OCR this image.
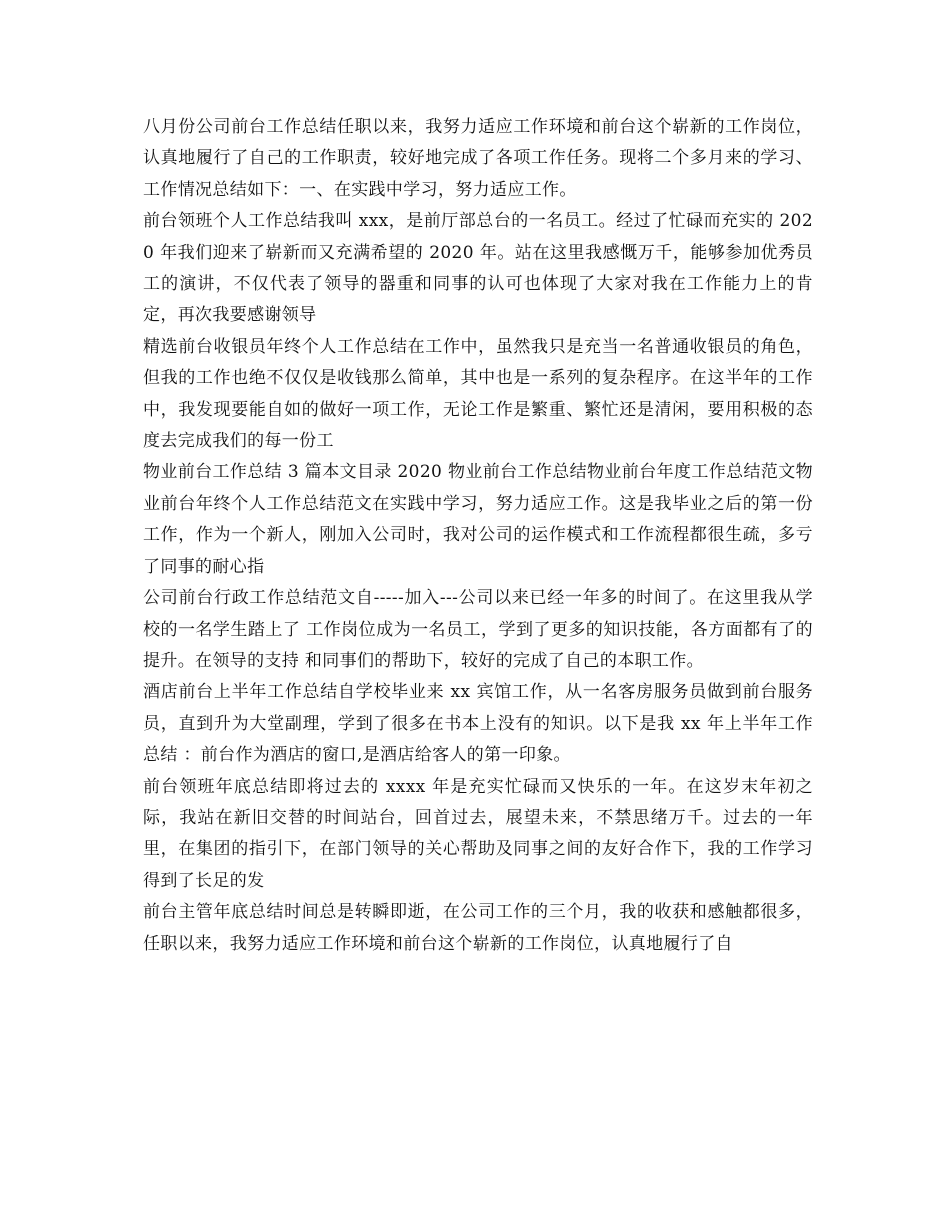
八月份公司前台工作总结任职以来，我努力适应工作环境和前台这个崭新的工作岗位，认真地履行了自己的工作职责，较好地完成了各项工作任务。现将二个多月来的学习、工作情况总结如下：一、在实践中学习，努力适应工作。

前台领班个人工作总结我叫 xxx，是前厅部总台的一名员工。经过了忙碌而充实的 2020 年我们迎来了崭新而又充满希望的 2020 年。站在这里我感慨万千，能够参加优秀员工的演讲，不仅代表了领导的器重和同事的认可也体现了大家对我在工作能力上的肯定，再次我要感谢领导

精选前台收银员年终个人工作总结在工作中，虽然我只是充当一名普通收银员的角色，但我的工作也绝不仅仅是收钱那么简单，其中也是一系列的复杂程序。在这半年的工作中，我发现要能自如的做好一项工作，无论工作是繁重、繁忙还是清闲，要用积极的态度去完成我们的每一份工

物业前台工作总结 3 篇本文目录 2020 物业前台工作总结物业前台年度工作总结范文物业前台年终个人工作总结范文在实践中学习，努力适应工作。这是我毕业之后的第一份工作，作为一个新人，刚加入公司时，我对公司的运作模式和工作流程都很生疏，多亏了同事的耐心指

公司前台行政工作总结范文自-----加入---公司以来已经一年多的时间了。在这里我从学校的一名学生踏上了 工作岗位成为一名员工，学到了更多的知识技能，各方面都有了的提升。在领导的支持 和同事们的帮助下，较好的完成了自己的本职工作。

酒店前台上半年工作总结自学校毕业来 xx 宾馆工作，从一名客房服务员做到前台服务员，直到升为大堂副理，学到了很多在书本上没有的知识。以下是我 xx 年上半年工作总结 ：前台作为酒店的窗口,是酒店给客人的第一印象。

前台领班年底总结即将过去的 xxxx 年是充实忙碌而又快乐的一年。在这岁末年初之际，我站在新旧交替的时间站台，回首过去，展望未来，不禁思绪万千。过去的一年里，在集团的指引下，在部门领导的关心帮助及同事之间的友好合作下，我的工作学习得到了长足的发

前台主管年底总结时间总是转瞬即逝，在公司工作的三个月，我的收获和感触都很多，任职以来，我努力适应工作环境和前台这个崭新的工作岗位，认真地履行了自
